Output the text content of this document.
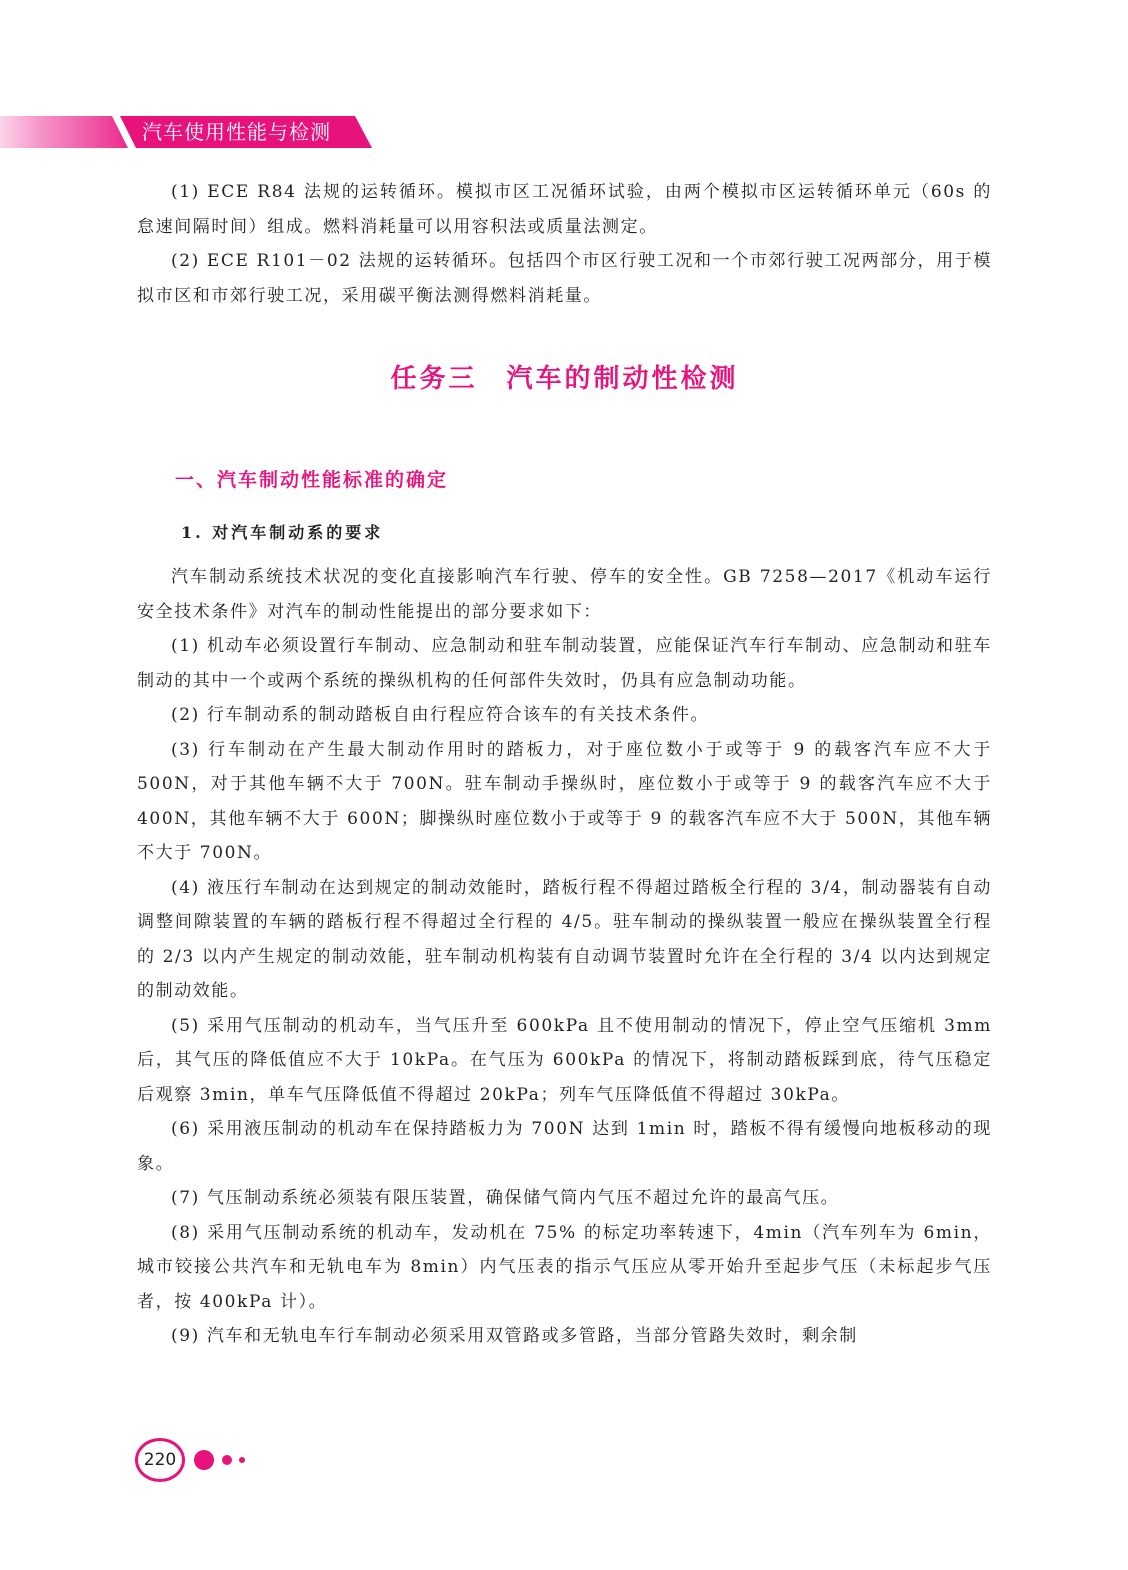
汽车使用性能与检测

(1) ECE R84 法规的运转循环。模拟市区工况循环试验，由两个模拟市区运转循环单元（60s 的怠速间隔时间）组成。燃料消耗量可以用容积法或质量法测定。

(2) ECE R101－02 法规的运转循环。包括四个市区行驶工况和一个市郊行驶工况两部分，用于模拟市区和市郊行驶工况，采用碳平衡法测得燃料消耗量。

任务三　汽车的制动性检测
一、汽车制动性能标准的确定
1. 对汽车制动系的要求

汽车制动系统技术状况的变化直接影响汽车行驶、停车的安全性。GB 7258—2017《机动车运行安全技术条件》对汽车的制动性能提出的部分要求如下：

(1) 机动车必须设置行车制动、应急制动和驻车制动装置，应能保证汽车行车制动、应急制动和驻车制动的其中一个或两个系统的操纵机构的任何部件失效时，仍具有应急制动功能。

(2) 行车制动系的制动踏板自由行程应符合该车的有关技术条件。

(3) 行车制动在产生最大制动作用时的踏板力，对于座位数小于或等于 9 的载客汽车应不大于 500N，对于其他车辆不大于 700N。驻车制动手操纵时，座位数小于或等于 9 的载客汽车应不大于 400N，其他车辆不大于 600N；脚操纵时座位数小于或等于 9 的载客汽车应不大于 500N，其他车辆不大于 700N。

(4) 液压行车制动在达到规定的制动效能时，踏板行程不得超过踏板全行程的 3/4，制动器装有自动调整间隙装置的车辆的踏板行程不得超过全行程的 4/5。驻车制动的操纵装置一般应在操纵装置全行程的 2/3 以内产生规定的制动效能，驻车制动机构装有自动调节装置时允许在全行程的 3/4 以内达到规定的制动效能。

(5) 采用气压制动的机动车，当气压升至 600kPa 且不使用制动的情况下，停止空气压缩机 3mm 后，其气压的降低值应不大于 10kPa。在气压为 600kPa 的情况下，将制动踏板踩到底，待气压稳定后观察 3min，单车气压降低值不得超过 20kPa；列车气压降低值不得超过 30kPa。

(6) 采用液压制动的机动车在保持踏板力为 700N 达到 1min 时，踏板不得有缓慢向地板移动的现象。

(7) 气压制动系统必须装有限压装置，确保储气筒内气压不超过允许的最高气压。

(8) 采用气压制动系统的机动车，发动机在 75% 的标定功率转速下，4min（汽车列车为 6min，城市铰接公共汽车和无轨电车为 8min）内气压表的指示气压应从零开始升至起步气压（未标起步气压者，按 400kPa 计）。

(9) 汽车和无轨电车行车制动必须采用双管路或多管路，当部分管路失效时，剩余制

220
